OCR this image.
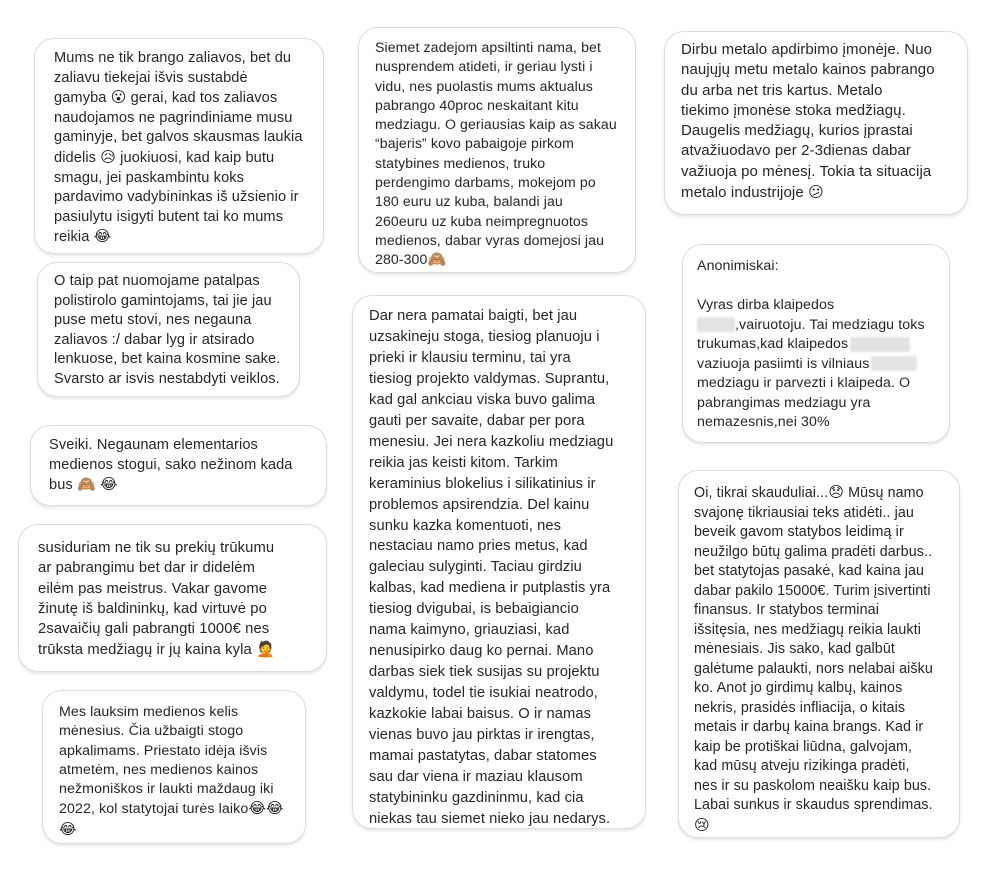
Mums ne tik brango zaliavos, bet du
zaliavu tiekejai išvis sustabdė
gamyba 😮 gerai, kad tos zaliavos
naudojamos ne pagrindiniame musu
gaminyje, bet galvos skausmas laukia
didelis 😥 juokiuosi, kad kaip butu
smagu, jei paskambintu koks
pardavimo vadybininkas iš užsienio ir
pasiulytu isigyti butent tai ko mums
reikia 😂
O taip pat nuomojame patalpas
polistirolo gamintojams, tai jie jau
puse metu stovi, nes negauna
zaliavos :/ dabar lyg ir atsirado
lenkuose, bet kaina kosmine sake.
Svarsto ar isvis nestabdyti veiklos.
Sveiki. Negaunam elementarios
medienos stogui, sako nežinom kada
bus 🙈 😂
susiduriam ne tik su prekių trūkumu
ar pabrangimu bet dar ir didelėm
eilėm pas meistrus. Vakar gavome
žinutę iš baldininkų, kad virtuvė po
2savaičių gali pabrangti 1000€ nes
trūksta medžiagų ir jų kaina kyla 🤦
Mes lauksim medienos kelis
mėnesius. Čia užbaigti stogo
apkalimams. Priestato idėja išvis
atmetėm, nes medienos kainos
nežmoniškos ir laukti maždaug iki
2022, kol statytojai turės laiko😂😂
😂
Siemet zadejom apsiltinti nama, bet
nusprendem atideti, ir geriau lysti i
vidu, nes puolastis mums aktualus
pabrango 40proc neskaitant kitu
medziagu. O geriausias kaip as sakau
“bajeris” kovo pabaigoje pirkom
statybines medienos, truko
perdengimo darbams, mokejom po
180 euru uz kuba, balandi jau
260euru uz kuba neimpregnuotos
medienos, dabar vyras domejosi jau
280-300🙈
Dar nera pamatai baigti, bet jau
uzsakineju stoga, tiesiog planuoju i
prieki ir klausiu terminu, tai yra
tiesiog projekto valdymas. Suprantu,
kad gal ankciau viska buvo galima
gauti per savaite, dabar per pora
menesiu. Jei nera kazkoliu medziagu
reikia jas keisti kitom. Tarkim
keraminius blokelius i silikatinius ir
problemos apsirendzia. Del kainu
sunku kazka komentuoti, nes
nestaciau namo pries metus, kad
galeciau sulyginti. Taciau girdziu
kalbas, kad mediena ir putplastis yra
tiesiog dvigubai, is bebaigiancio
nama kaimyno, griauziasi, kad
nenusipirko daug ko pernai. Mano
darbas siek tiek susijas su projektu
valdymu, todel tie isukiai neatrodo,
kazkokie labai baisus. O ir namas
vienas buvo jau pirktas ir irengtas,
mamai pastatytas, dabar statomes
sau dar viena ir maziau klausom
statybininku gazdininmu, kad cia
niekas tau siemet nieko jau nedarys.
Dirbu metalo apdirbimo įmonėje. Nuo
naujųjų metu metalo kainos pabrango
du arba net tris kartus. Metalo
tiekimo įmonėse stoka medžiagų.
Daugelis medžiagų, kurios įprastai
atvažiuodavo per 2-3dienas dabar
važiuoja po mėnesį. Tokia ta situacija
metalo industrijoje 😕
Anonimiskai:
Vyras dirba klaipedos
,vairuotoju. Tai medziagu toks
trukumas,kad klaipedos
vaziuoja pasiimti is vilniaus
medziagu ir parvezti i klaipeda. O
pabrangimas medziagu yra
nemazesnis,nei 30%
Oi, tikrai skauduliai...😞 Mūsų namo
svajonę tikriausiai teks atidėti.. jau
beveik gavom statybos leidimą ir
neužilgo būtų galima pradėti darbus..
bet statytojas pasakė, kad kaina jau
dabar pakilo 15000€. Turim įsivertinti
finansus. Ir statybos terminai
išsitęsia, nes medžiagų reikia laukti
mėnesiais. Jis sako, kad galbūt
galėtume palaukti, nors nelabai aišku
ko. Anot jo girdimų kalbų, kainos
nekris, prasidės infliacija, o kitais
metais ir darbų kaina brangs. Kad ir
kaip be protiškai liūdna, galvojam,
kad mūsų atveju rizikinga pradėti,
nes ir su paskolom neaišku kaip bus.
Labai sunkus ir skaudus sprendimas.
😢
